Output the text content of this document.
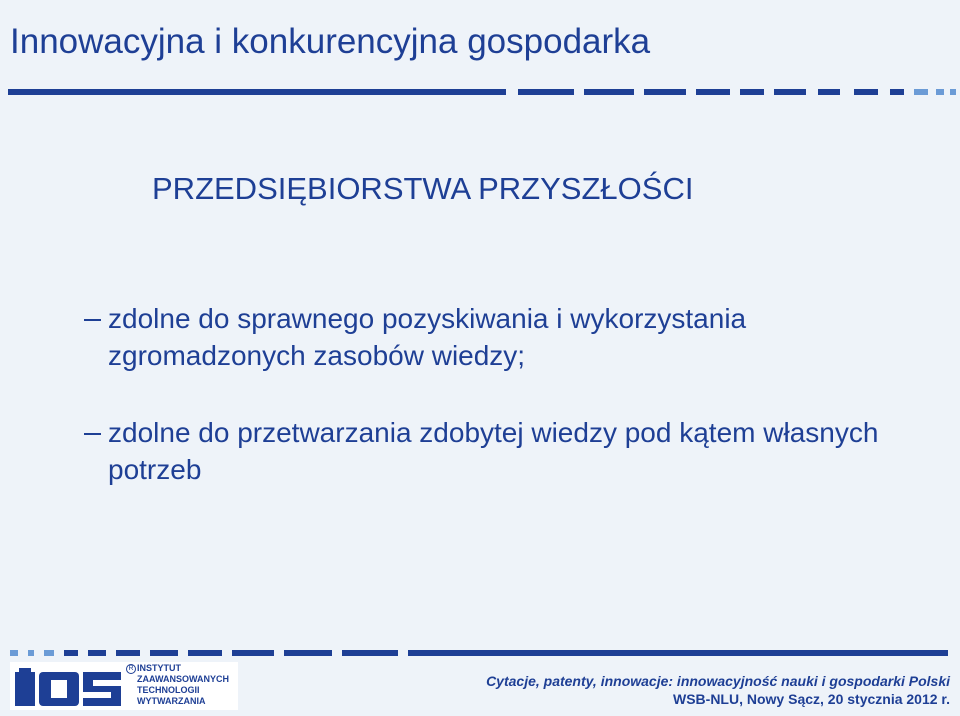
Innowacyjna i konkurencyjna gospodarka
PRZEDSIĘBIORSTWA PRZYSZŁOŚCI
zdolne do sprawnego pozyskiwania i wykorzystania zgromadzonych zasobów wiedzy;
zdolne do przetwarzania zdobytej wiedzy pod kątem własnych potrzeb
R INSTYTUT
ZAAWANSOWANYCH
TECHNOLOGII
WYTWARZANIA
Cytacje, patenty, innowacje: innowacyjność nauki i gospodarki Polski
WSB-NLU, Nowy Sącz, 20 stycznia 2012 r.
